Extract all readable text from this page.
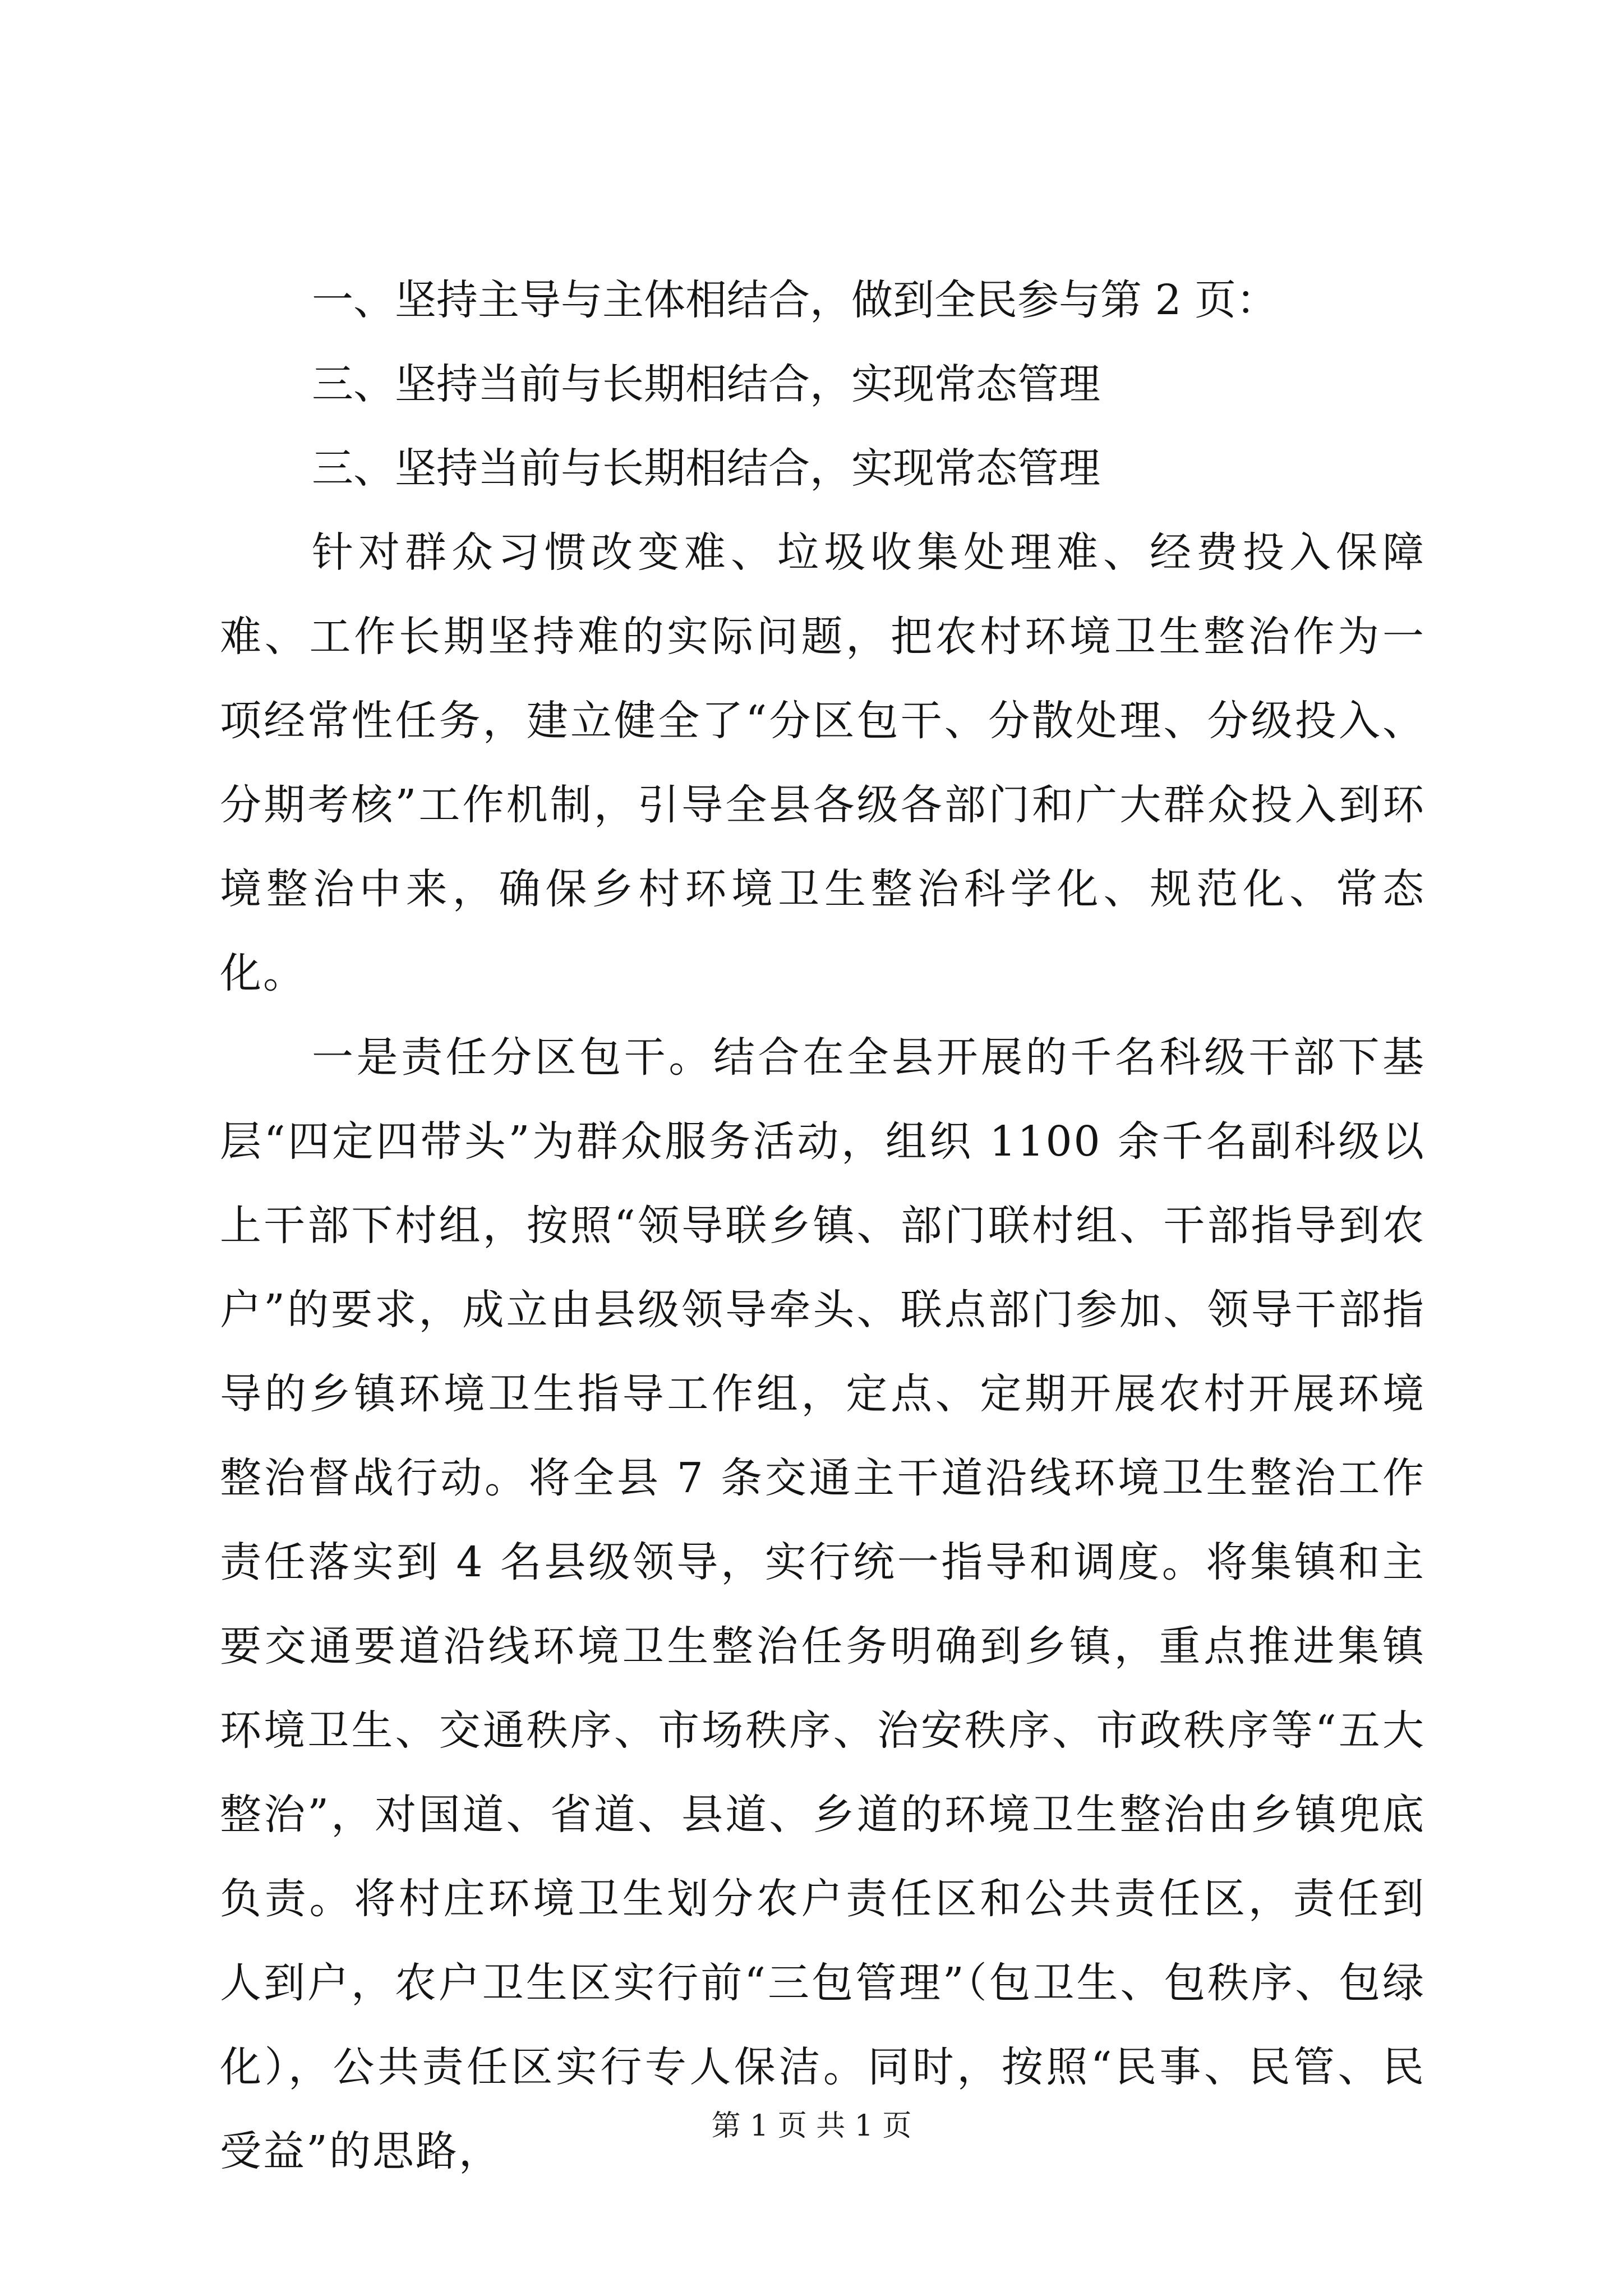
一、坚持主导与主体相结合，做到全民参与第 2 页：

三、坚持当前与长期相结合，实现常态管理

三、坚持当前与长期相结合，实现常态管理

针对群众习惯改变难、垃圾收集处理难、经费投入保障难、工作长期坚持难的实际问题，把农村环境卫生整治作为一项经常性任务，建立健全了“分区包干、分散处理、分级投入、分期考核”工作机制，引导全县各级各部门和广大群众投入到环境整治中来，确保乡村环境卫生整治科学化、规范化、常态化。

一是责任分区包干。结合在全县开展的千名科级干部下基层“四定四带头”为群众服务活动，组织 1100 余千名副科级以上干部下村组，按照“领导联乡镇、部门联村组、干部指导到农户”的要求，成立由县级领导牵头、联点部门参加、领导干部指导的乡镇环境卫生指导工作组，定点、定期开展农村开展环境整治督战行动。将全县 7 条交通主干道沿线环境卫生整治工作责任落实到 4 名县级领导，实行统一指导和调度。将集镇和主要交通要道沿线环境卫生整治任务明确到乡镇，重点推进集镇环境卫生、交通秩序、市场秩序、治安秩序、市政秩序等“五大整治”，对国道、省道、县道、乡道的环境卫生整治由乡镇兜底负责。将村庄环境卫生划分农户责任区和公共责任区，责任到人到户，农户卫生区实行前“三包管理”（包卫生、包秩序、包绿化），公共责任区实行专人保洁。同时，按照“民事、民管、民受益”的思路，

第 1 页 共 1 页
